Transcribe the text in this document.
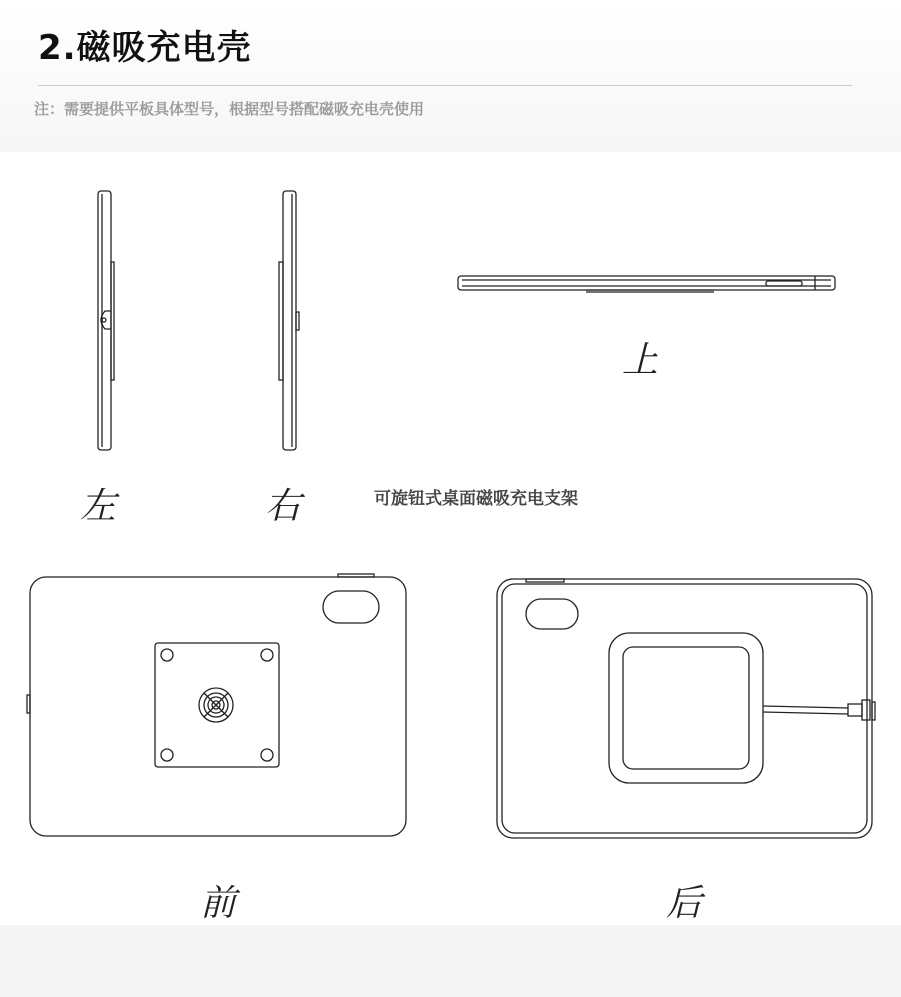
2.磁吸充电壳
注：需要提供平板具体型号，根据型号搭配磁吸充电壳使用
左	右
上
前	后
可旋钮式桌面磁吸充电支架
